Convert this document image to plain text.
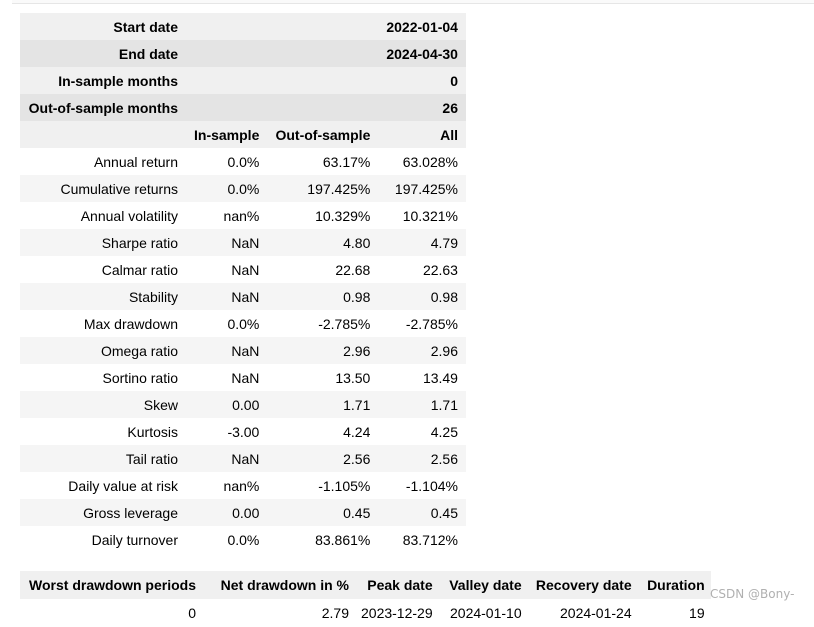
Start date			2022-01-04
End date			2024-04-30
In-sample months			0
Out-of-sample months			26
	In-sample	Out-of-sample	All
Annual return	0.0%	63.17%	63.028%
Cumulative returns	0.0%	197.425%	197.425%
Annual volatility	nan%	10.329%	10.321%
Sharpe ratio	NaN	4.80	4.79
Calmar ratio	NaN	22.68	22.63
Stability	NaN	0.98	0.98
Max drawdown	0.0%	-2.785%	-2.785%
Omega ratio	NaN	2.96	2.96
Sortino ratio	NaN	13.50	13.49
Skew	0.00	1.71	1.71
Kurtosis	-3.00	4.24	4.25
Tail ratio	NaN	2.56	2.56
Daily value at risk	nan%	-1.105%	-1.104%
Gross leverage	0.00	0.45	0.45
Daily turnover	0.0%	83.861%	83.712%
Worst drawdown periods	Net drawdown in %	Peak date	Valley date	Recovery date	Duration
0	2.79	2023-12-29	2024-01-10	2024-01-24	19
CSDN @Bony-
